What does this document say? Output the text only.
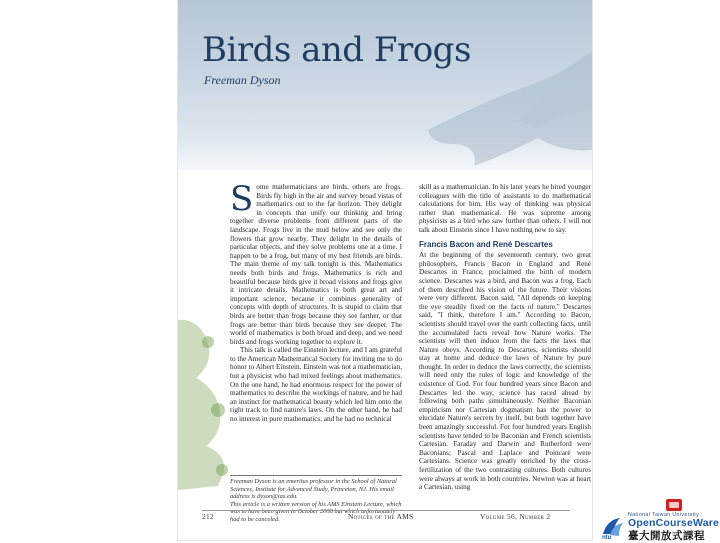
Birds and Frogs
Freeman Dyson

Some mathematicians are birds, others are frogs. Birds fly high in the air and survey broad vistas of mathematics out to the far horizon. They delight in concepts that unify our thinking and bring together diverse problems from different parts of the landscape. Frogs live in the mud below and see only the flowers that grow nearby. They delight in the details of particular objects, and they solve problems one at a time. I happen to be a frog, but many of my best friends are birds. The main theme of my talk tonight is this. Mathematics needs both birds and frogs. Mathematics is rich and beautiful because birds give it broad visions and frogs give it intricate details. Mathematics is both great art and important science, because it combines generality of concepts with depth of structures. It is stupid to claim that birds are better than frogs because they see farther, or that frogs are better than birds because they see deeper. The world of mathematics is both broad and deep, and we need birds and frogs working together to explore it.

This talk is called the Einstein lecture, and I am grateful to the American Mathematical Society for inviting me to do honor to Albert Einstein. Einstein was not a mathematician, but a physicist who had mixed feelings about mathematics. On the one hand, he had enormous respect for the power of mathematics to describe the workings of nature, and he had an instinct for mathematical beauty which led him onto the right track to find nature's laws. On the other hand, he had no interest in pure mathematics, and he had no technical

skill as a mathematician. In his later years he hired younger colleagues with the title of assistants to do mathematical calculations for him. His way of thinking was physical rather than mathematical. He was supreme among physicists as a bird who saw further than others. I will not talk about Einstein since I have nothing new to say.

Francis Bacon and René Descartes

At the beginning of the seventeenth century, two great philosophers, Francis Bacon in England and René Descartes in France, proclaimed the birth of modern science. Descartes was a bird, and Bacon was a frog. Each of them described his vision of the future. Their visions were very different. Bacon said, "All depends on keeping the eye steadily fixed on the facts of nature." Descartes said, "I think, therefore I am." According to Bacon, scientists should travel over the earth collecting facts, until the accumulated facts reveal how Nature works. The scientists will then induce from the facts the laws that Nature obeys. According to Descartes, scientists should stay at home and deduce the laws of Nature by pure thought. In order to deduce the laws correctly, the scientists will need only the rules of logic and knowledge of the existence of God. For four hundred years since Bacon and Descartes led the way, science has raced ahead by following both paths simultaneously. Neither Baconian empiricism nor Cartesian dogmatism has the power to elucidate Nature's secrets by itself, but both together have been amazingly successful. For four hundred years English scientists have tended to be Baconian and French scientists Cartesian. Faraday and Darwin and Rutherford were Baconians; Pascal and Laplace and Poincaré were Cartesians. Science was greatly enriched by the cross-fertilization of the two contrasting cultures. Both cultures were always at work in both countries. Newton was at heart a Cartesian, using

Freeman Dyson is an emeritus professor in the School of Natural Sciences, Institute for Advanced Study, Princeton, NJ. His email address is dyson@ias.edu.

This article is a written version of his AMS Einstein Lecture, which was to have been given in October 2008 but which unfortunately had to be canceled.

212	Notices of the AMS	Volume 56, Number 2
ntu
National Taiwan University
OpenCourseWare
臺大開放式課程
